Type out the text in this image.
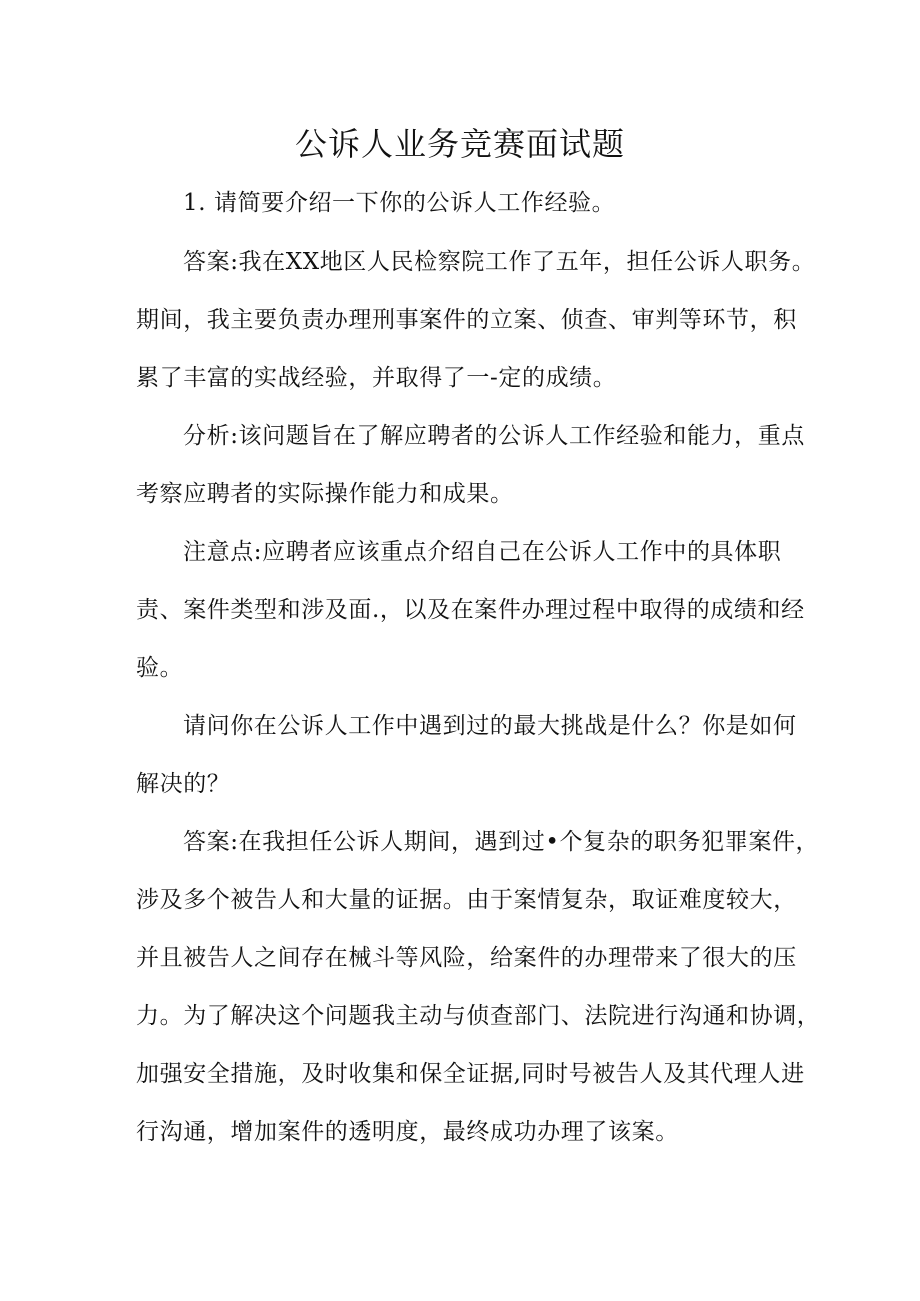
公诉人业务竞赛面试题
1. 请简要介绍一下你的公诉人工作经验。
答案:我在XX地区人民检察院工作了五年，担任公诉人职务。
期间，我主要负责办理刑事案件的立案、侦查、审判等环节，积
累了丰富的实战经验，并取得了一-定的成绩。
分析:该问题旨在了解应聘者的公诉人工作经验和能力，重点
考察应聘者的实际操作能力和成果。
注意点:应聘者应该重点介绍自己在公诉人工作中的具体职
责、案件类型和涉及面.，以及在案件办理过程中取得的成绩和经
验。
请问你在公诉人工作中遇到过的最大挑战是什么？你是如何
解决的？
答案:在我担任公诉人期间，遇到过•个复杂的职务犯罪案件，
涉及多个被告人和大量的证据。由于案情复杂，取证难度较大，
并且被告人之间存在械斗等风险，给案件的办理带来了很大的压
力。为了解决这个问题我主动与侦查部门、法院进行沟通和协调，
加强安全措施，及时收集和保全证据,同时号被告人及其代理人进
行沟通，增加案件的透明度，最终成功办理了该案。
